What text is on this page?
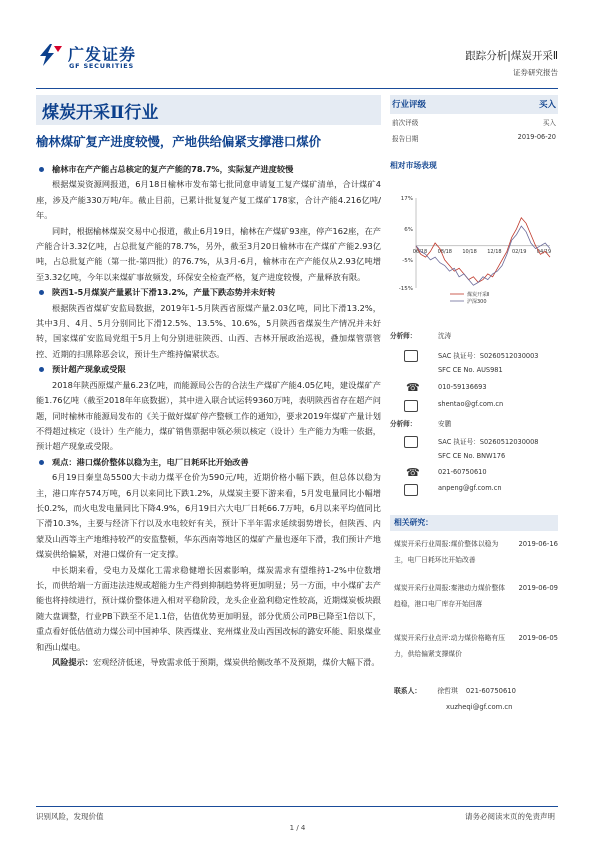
广发证券
GF SECURITIES
跟踪分析|煤炭开采Ⅱ
证券研究报告
煤炭开采Ⅱ行业
榆林煤矿复产进度较慢，产地供给偏紧支撑港口煤价
榆林市在产产能占总核定的复产产能的78.7%，实际复产进度较慢

根据煤炭资源网报道，6月18日榆林市发布第七批同意申请复工复产煤矿清单，合计煤矿4座，涉及产能330万吨/年。截止目前，已累计批复复产复工煤矿178家，合计产能4.216亿吨/年。

同时，根据榆林煤炭交易中心报道，截止6月19日，榆林在产煤矿93座，停产162座，在产产能合计3.32亿吨，占总批复产能的78.7%，另外，截至3月20日榆林市在产煤矿产能2.93亿吨，占总批复产能（第一批-第四批）的76.7%，从3月-6月，榆林市在产产能仅从2.93亿吨增至3.32亿吨，今年以来煤矿事故频发，环保安全检查严格，复产进度较慢，产量释放有限。

陕西1-5月煤炭产量累计下滑13.2%，产量下跌态势并未好转

根据陕西省煤矿安监局数据，2019年1-5月陕西省原煤产量2.03亿吨，同比下滑13.2%，其中3月、4月、5月分别同比下滑12.5%、13.5%、10.6%，5月陕西省煤炭生产情况并未好转，国家煤矿安监局党组于5月上旬分别进驻陕西、山西、吉林开展政治巡视，叠加煤管票管控、近期的扫黑除恶会议，预计生产维持偏紧状态。

预计超产现象或受限

2018年陕西原煤产量6.23亿吨，而能源局公告的合法生产煤矿产能4.05亿吨，建设煤矿产能1.76亿吨（截至2018年年底数据），其中进入联合试运转9360万吨，表明陕西省存在超产问题，同时榆林市能源局发布的《关于做好煤矿停产整顿工作的通知》，要求2019年煤矿产量计划不得超过核定（设计）生产能力，煤矿销售票据申领必须以核定（设计）生产能力为唯一依据，预计超产现象或受限。

观点：港口煤价整体以稳为主，电厂日耗环比开始改善

6月19日秦皇岛5500大卡动力煤平仓价为590元/吨，近期价格小幅下跌，但总体以稳为主，港口库存574万吨，6月以来同比下跌1.2%，从煤炭主要下游来看，5月发电量同比小幅增长0.2%，而火电发电量同比下降4.9%，6月19日六大电厂日耗66.7万吨，6月以来平均值同比下滑10.3%，主要与经济下行以及水电较好有关，预计下半年需求延续弱势增长，但陕西、内蒙及山西等主产地维持较严的安监整顿，华东西南等地区的煤矿产量也逐年下滑，我们预计产地煤炭供给偏紧，对港口煤价有一定支撑。

中长期来看，受电力及煤化工需求稳健增长因素影响，煤炭需求有望维持1-2%中位数增长，而供给端一方面违法违规或超能力生产得到抑制趋势将更加明显；另一方面，中小煤矿去产能也将持续进行，预计煤价整体进入相对平稳阶段，龙头企业盈利稳定性较高，近期煤炭板块跟随大盘调整，行业PB下跌至不足1.1倍，估值优势更加明显，部分优质公司PB已降至1倍以下，重点看好低估值动力煤公司中国神华、陕西煤业、兖州煤业及山西国改标的潞安环能、阳泉煤业和西山煤电。

风险提示：宏观经济低迷，导致需求低于预期，煤炭供给侧改革不及预期，煤价大幅下滑。

行业评级	买入
前次评级	买入
报告日期	2019-06-20
相对市场表现
17%
6%
-5%
-15%
06/18 08/18 10/18 12/18 02/19 04/19
煤炭开采Ⅱ
沪深300
分析师：	沈涛
SAC 执证号：S0260512030003
SFC CE No. AUS981
☎	010-59136693
shentao@gf.com.cn
分析师：	安鹏
SAC 执证号：S0260512030008
SFC CE No. BNW176
☎	021-60750610
anpeng@gf.com.cn
相关研究：
煤炭开采行业周报:煤价整体以稳为主，电厂日耗环比开始改善
2019-06-16
煤炭开采行业周报:秦港动力煤价整体趋稳，港口电厂库存开始回落
2019-06-09
煤炭开采行业点评:动力煤价格略有压力，供给偏紧支撑煤价
2019-06-05
联系人： 徐哲琪 021-60750610
xuzheqi@gf.com.cn
识别风险，发现价值	请务必阅读末页的免责声明
1 / 4
